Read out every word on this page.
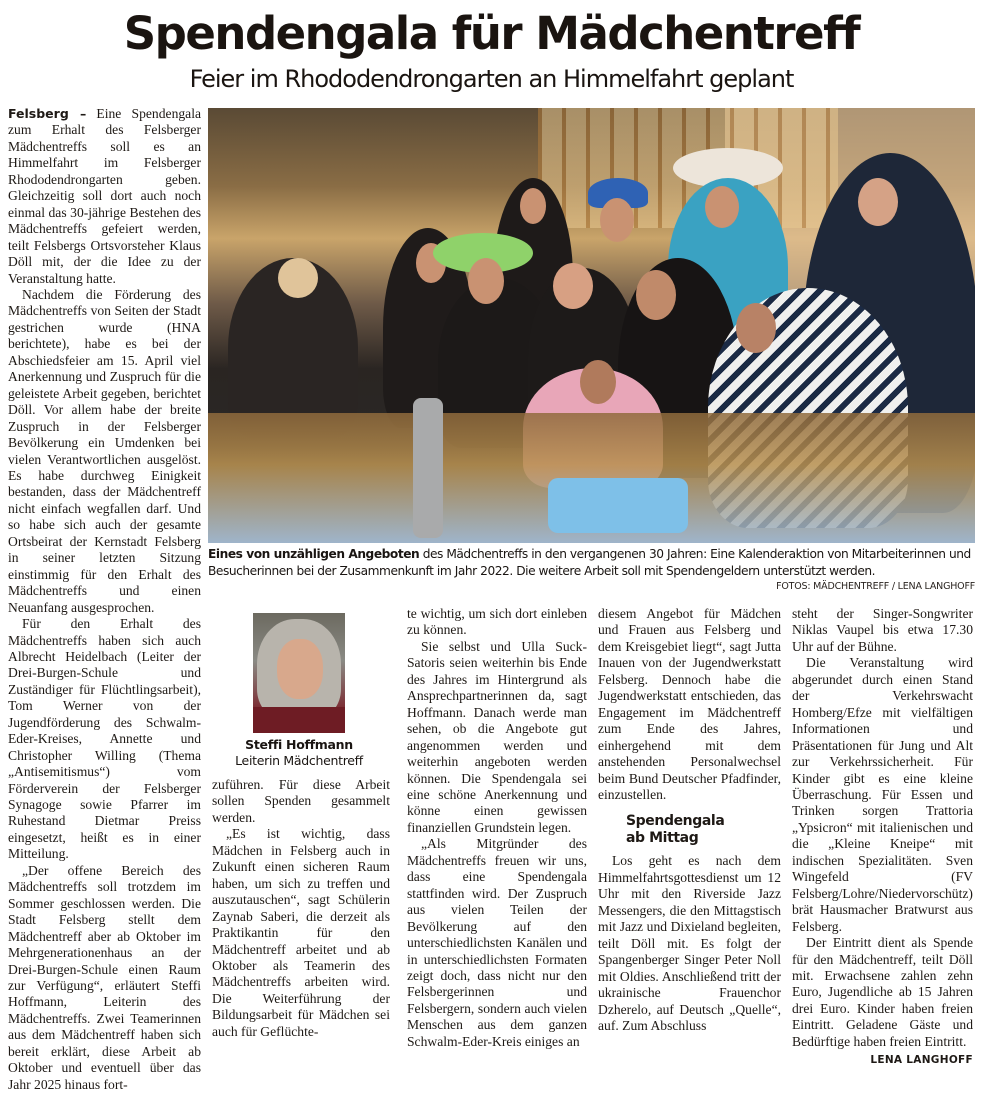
Spendengala für Mädchentreff
Feier im Rhododendrongarten an Himmelfahrt geplant

Felsberg – Eine Spendengala zum Erhalt des Felsberger Mädchentreffs soll es an Himmelfahrt im Felsberger Rhododendrongarten geben. Gleichzeitig soll dort auch noch einmal das 30-jährige Bestehen des Mädchentreffs gefeiert werden, teilt Felsbergs Ortsvorsteher Klaus Döll mit, der die Idee zu der Veranstaltung hatte.

Nachdem die Förderung des Mädchentreffs von Seiten der Stadt gestrichen wurde (HNA berichtete), habe es bei der Abschiedsfeier am 15. April viel Anerkennung und Zuspruch für die geleistete Arbeit gegeben, berichtet Döll. Vor allem habe der breite Zuspruch in der Felsberger Bevölkerung ein Umdenken bei vielen Verantwortlichen ausgelöst. Es habe durchweg Einigkeit bestanden, dass der Mädchentreff nicht einfach wegfallen darf. Und so habe sich auch der gesamte Ortsbeirat der Kernstadt Felsberg in seiner letzten Sitzung einstimmig für den Erhalt des Mädchentreffs und einen Neuanfang ausgesprochen.

Für den Erhalt des Mädchentreffs haben sich auch Albrecht Heidelbach (Leiter der Drei-Burgen-Schule und Zuständiger für Flüchtlingsarbeit), Tom Werner von der Jugendförderung des Schwalm-Eder-Kreises, Annette und Christopher Willing (Thema „Antisemitismus“) vom Förderverein der Felsberger Synagoge sowie Pfarrer im Ruhestand Dietmar Preiss eingesetzt, heißt es in einer Mitteilung.

„Der offene Bereich des Mädchentreffs soll trotzdem im Sommer geschlossen werden. Die Stadt Felsberg stellt dem Mädchentreff aber ab Oktober im Mehrgenerationenhaus an der Drei-Burgen-Schule einen Raum zur Verfügung“, erläutert Steffi Hoffmann, Leiterin des Mädchentreffs. Zwei Teamerinnen aus dem Mädchentreff haben sich bereit erklärt, diese Arbeit ab Oktober und eventuell über das Jahr 2025 hinaus fort-

Eines von unzähligen Angeboten des Mädchentreffs in den vergangenen 30 Jahren: Eine Kalenderaktion von Mitarbeiterinnen und Besucherinnen bei der Zusammenkunft im Jahr 2022. Die weitere Arbeit soll mit Spendengeldern unterstützt werden.
FOTOS: MÄDCHENTREFF / LENA LANGHOFF
Steffi Hoffmann
Leiterin Mädchentreff

zuführen. Für diese Arbeit sollen Spenden gesammelt werden.

„Es ist wichtig, dass Mädchen in Felsberg auch in Zukunft einen sicheren Raum haben, um sich zu treffen und auszutauschen“, sagt Schülerin Zaynab Saberi, die derzeit als Praktikantin für den Mädchentreff arbeitet und ab Oktober als Teamerin des Mädchentreffs arbeiten wird. Die Weiterführung der Bildungsarbeit für Mädchen sei auch für Geflüchte-

te wichtig, um sich dort einleben zu können.

Sie selbst und Ulla Suck-Satoris seien weiterhin bis Ende des Jahres im Hintergrund als Ansprechpartnerinnen da, sagt Hoffmann. Danach werde man sehen, ob die Angebote gut angenommen werden und weiterhin angeboten werden können. Die Spendengala sei eine schöne Anerkennung und könne einen gewissen finanziellen Grundstein legen.

„Als Mitgründer des Mädchentreffs freuen wir uns, dass eine Spendengala stattfinden wird. Der Zuspruch aus vielen Teilen der Bevölkerung auf den unterschiedlichsten Kanälen und in unterschiedlichsten Formaten zeigt doch, dass nicht nur den Felsbergerinnen und Felsbergern, sondern auch vielen Menschen aus dem ganzen Schwalm-Eder-Kreis einiges an

diesem Angebot für Mädchen und Frauen aus Felsberg und dem Kreisgebiet liegt“, sagt Jutta Inauen von der Jugendwerkstatt Felsberg. Dennoch habe die Jugendwerkstatt entschieden, das Engagement im Mädchentreff zum Ende des Jahres, einhergehend mit dem anstehenden Personalwechsel beim Bund Deutscher Pfadfinder, einzustellen.

Spendengala
ab Mittag

Los geht es nach dem Himmelfahrtsgottesdienst um 12 Uhr mit den Riverside Jazz Messengers, die den Mittagstisch mit Jazz und Dixieland begleiten, teilt Döll mit. Es folgt der Spangenberger Singer Peter Noll mit Oldies. Anschließend tritt der ukrainische Frauenchor Dzherelo, auf Deutsch „Quelle“, auf. Zum Abschluss

steht der Singer-Songwriter Niklas Vaupel bis etwa 17.30 Uhr auf der Bühne.

Die Veranstaltung wird abgerundet durch einen Stand der Verkehrswacht Homberg/Efze mit vielfältigen Informationen und Präsentationen für Jung und Alt zur Verkehrssicherheit. Für Kinder gibt es eine kleine Überraschung. Für Essen und Trinken sorgen Trattoria „Ypsicron“ mit italienischen und die „Kleine Kneipe“ mit indischen Spezialitäten. Sven Wingefeld (FV Felsberg/Lohre/Niedervorschütz) brät Hausmacher Bratwurst aus Felsberg.

Der Eintritt dient als Spende für den Mädchentreff, teilt Döll mit. Erwachsene zahlen zehn Euro, Jugendliche ab 15 Jahren drei Euro. Kinder haben freien Eintritt. Geladene Gäste und Bedürftige haben freien Eintritt.

LENA LANGHOFF
